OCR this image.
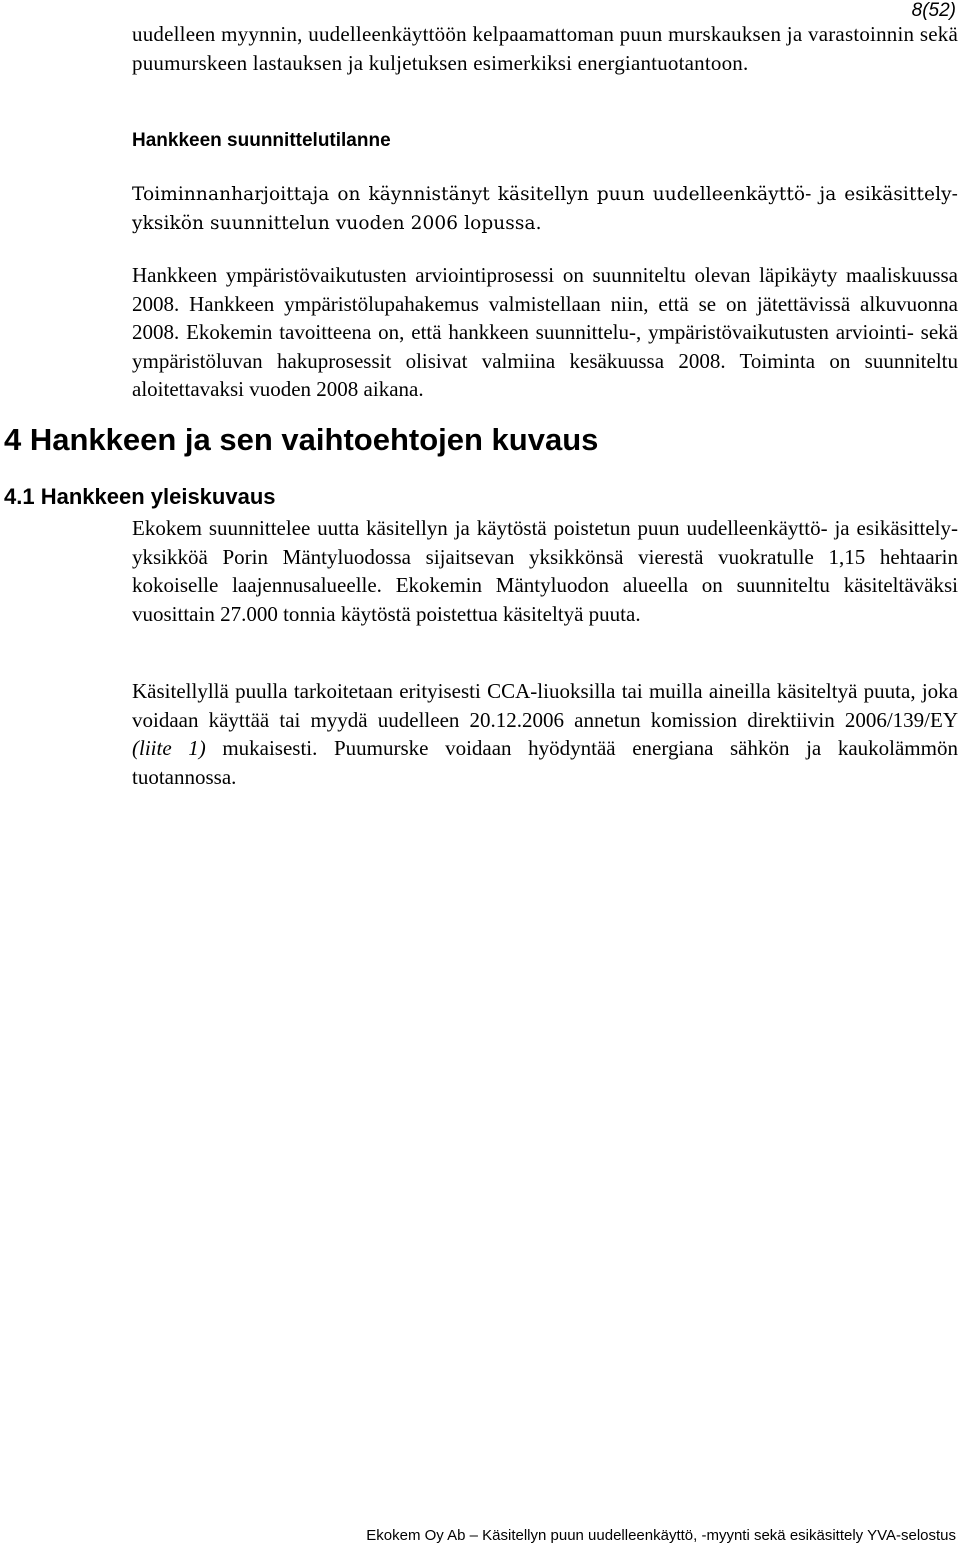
8(52)

uudelleen myynnin, uudelleenkäyttöön kelpaamattoman puun murskauksen ja varastoinnin sekä puumurskeen lastauksen ja kuljetuksen esimerkiksi energiantuotantoon.

Hankkeen suunnittelutilanne

Toiminnanharjoittaja on käynnistänyt käsitellyn puun uudelleenkäyttö- ja esikäsittely-yksikön suunnittelun vuoden 2006 lopussa.

Hankkeen ympäristövaikutusten arviointiprosessi on suunniteltu olevan läpikäyty maaliskuussa 2008. Hankkeen ympäristölupahakemus valmistellaan niin, että se on jätettävissä alkuvuonna 2008. Ekokemin tavoitteena on, että hankkeen suunnittelu-, ympäristövaikutusten arviointi- sekä ympäristöluvan hakuprosessit olisivat valmiina kesäkuussa 2008. Toiminta on suunniteltu aloitettavaksi vuoden 2008 aikana.

4 Hankkeen ja sen vaihtoehtojen kuvaus
4.1 Hankkeen yleiskuvaus

Ekokem suunnittelee uutta käsitellyn ja käytöstä poistetun puun uudelleenkäyttö- ja esikäsittely-yksikköä Porin Mäntyluodossa sijaitsevan yksikkönsä vierestä vuokratulle 1,15 hehtaarin kokoiselle laajennusalueelle. Ekokemin Mäntyluodon alueella on suunniteltu käsiteltäväksi vuosittain 27.000 tonnia käytöstä poistettua käsiteltyä puuta.

Käsitellyllä puulla tarkoitetaan erityisesti CCA-liuoksilla tai muilla aineilla käsiteltyä puuta, joka voidaan käyttää tai myydä uudelleen 20.12.2006 annetun komission direktiivin 2006/139/EY (liite 1) mukaisesti. Puumurske voidaan hyödyntää energiana sähkön ja kaukolämmön tuotannossa.

Ekokem Oy Ab – Käsitellyn puun uudelleenkäyttö, -myynti sekä esikäsittely YVA-selostus
